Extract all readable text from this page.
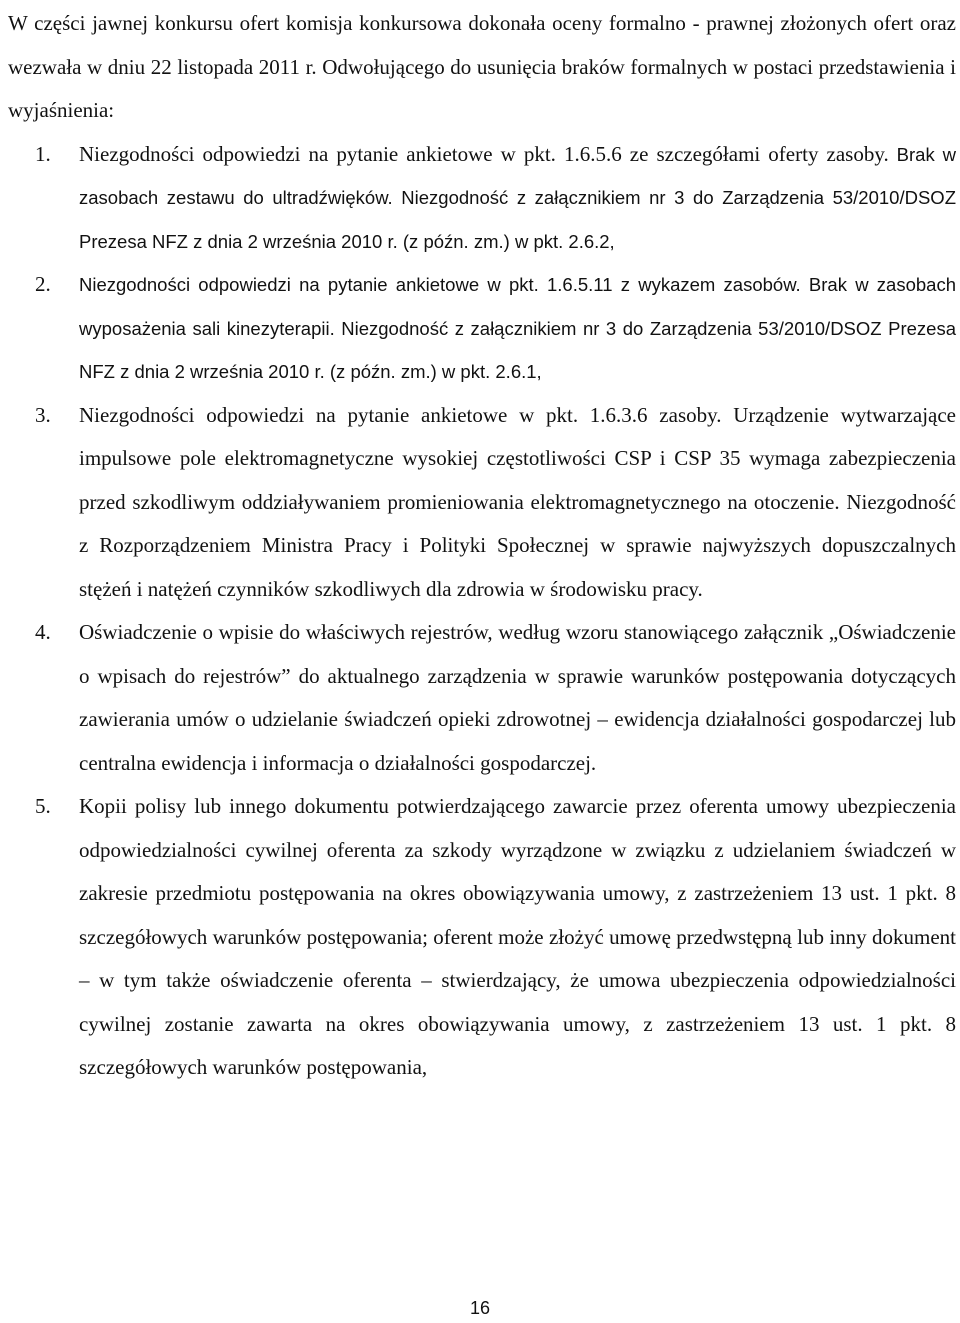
W części jawnej konkursu ofert komisja konkursowa dokonała oceny formalno - prawnej złożonych ofert oraz wezwała w dniu 22 listopada 2011 r. Odwołującego do usunięcia braków formalnych w postaci przedstawienia i wyjaśnienia:

1. Niezgodności odpowiedzi na pytanie ankietowe w pkt. 1.6.5.6 ze szczegółami oferty zasoby. Brak w zasobach zestawu do ultradźwięków. Niezgodność z załącznikiem nr 3 do Zarządzenia 53/2010/DSOZ Prezesa NFZ z dnia 2 września 2010 r. (z późn. zm.) w pkt. 2.6.2,
2. Niezgodności odpowiedzi na pytanie ankietowe w pkt. 1.6.5.11 z wykazem zasobów. Brak w zasobach wyposażenia sali kinezyterapii. Niezgodność z załącznikiem nr 3 do Zarządzenia 53/2010/DSOZ Prezesa NFZ z dnia 2 września 2010 r. (z późn. zm.) w pkt. 2.6.1,
3. Niezgodności odpowiedzi na pytanie ankietowe w pkt. 1.6.3.6 zasoby. Urządzenie wytwarzające impulsowe pole elektromagnetyczne wysokiej częstotliwości CSP i CSP 35 wymaga zabezpieczenia przed szkodliwym oddziaływaniem promieniowania elektromagnetycznego na otoczenie. Niezgodność z Rozporządzeniem Ministra Pracy i Polityki Społecznej w sprawie najwyższych dopuszczalnych stężeń i natężeń czynników szkodliwych dla zdrowia w środowisku pracy.
4. Oświadczenie o wpisie do właściwych rejestrów, według wzoru stanowiącego załącznik „Oświadczenie o wpisach do rejestrów” do aktualnego zarządzenia w sprawie warunków postępowania dotyczących zawierania umów o udzielanie świadczeń opieki zdrowotnej – ewidencja działalności gospodarczej lub centralna ewidencja i informacja o działalności gospodarczej.
5. Kopii polisy lub innego dokumentu potwierdzającego zawarcie przez oferenta umowy ubezpieczenia odpowiedzialności cywilnej oferenta za szkody wyrządzone w związku z udzielaniem świadczeń w zakresie przedmiotu postępowania na okres obowiązywania umowy, z zastrzeżeniem 13 ust. 1 pkt. 8 szczegółowych warunków postępowania; oferent może złożyć umowę przedwstępną lub inny dokument – w tym także oświadczenie oferenta – stwierdzający, że umowa ubezpieczenia odpowiedzialności cywilnej zostanie zawarta na okres obowiązywania umowy, z zastrzeżeniem 13 ust. 1 pkt. 8 szczegółowych warunków postępowania,
16
